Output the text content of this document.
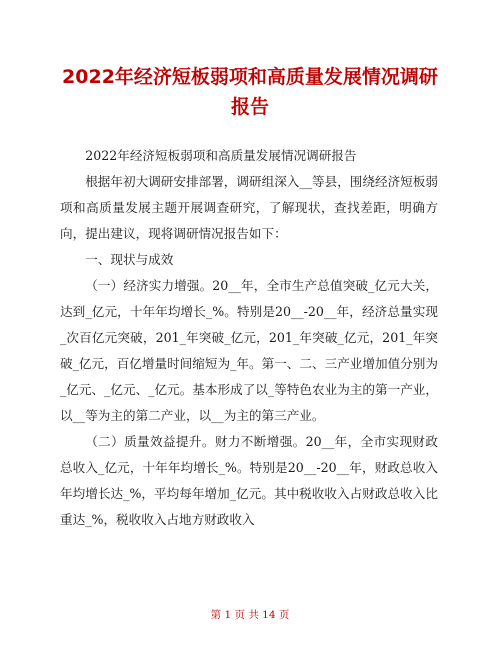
2022年经济短板弱项和高质量发展情况调研报告

2022年经济短板弱项和高质量发展情况调研报告

根据年初大调研安排部署，调研组深入__等县，围绕经济短板弱项和高质量发展主题开展调查研究，了解现状，查找差距，明确方向，提出建议，现将调研情况报告如下：

一、现状与成效

（一）经济实力增强。20__年，全市生产总值突破_亿元大关，达到_亿元，十年年均增长_%。特别是20__-20__年，经济总量实现_次百亿元突破，201_年突破_亿元，201_年突破_亿元，201_年突破_亿元，百亿增量时间缩短为_年。第一、二、三产业增加值分别为_亿元、_亿元、_亿元。基本形成了以_等特色农业为主的第一产业，以__等为主的第二产业，以__为主的第三产业。

（二）质量效益提升。财力不断增强。20__年，全市实现财政总收入_亿元，十年年均增长_%。特别是20__-20__年，财政总收入年均增长达_%，平均每年增加_亿元。其中税收收入占财政总收入比重达_%，税收收入占地方财政收入

第 1 页 共 14 页
